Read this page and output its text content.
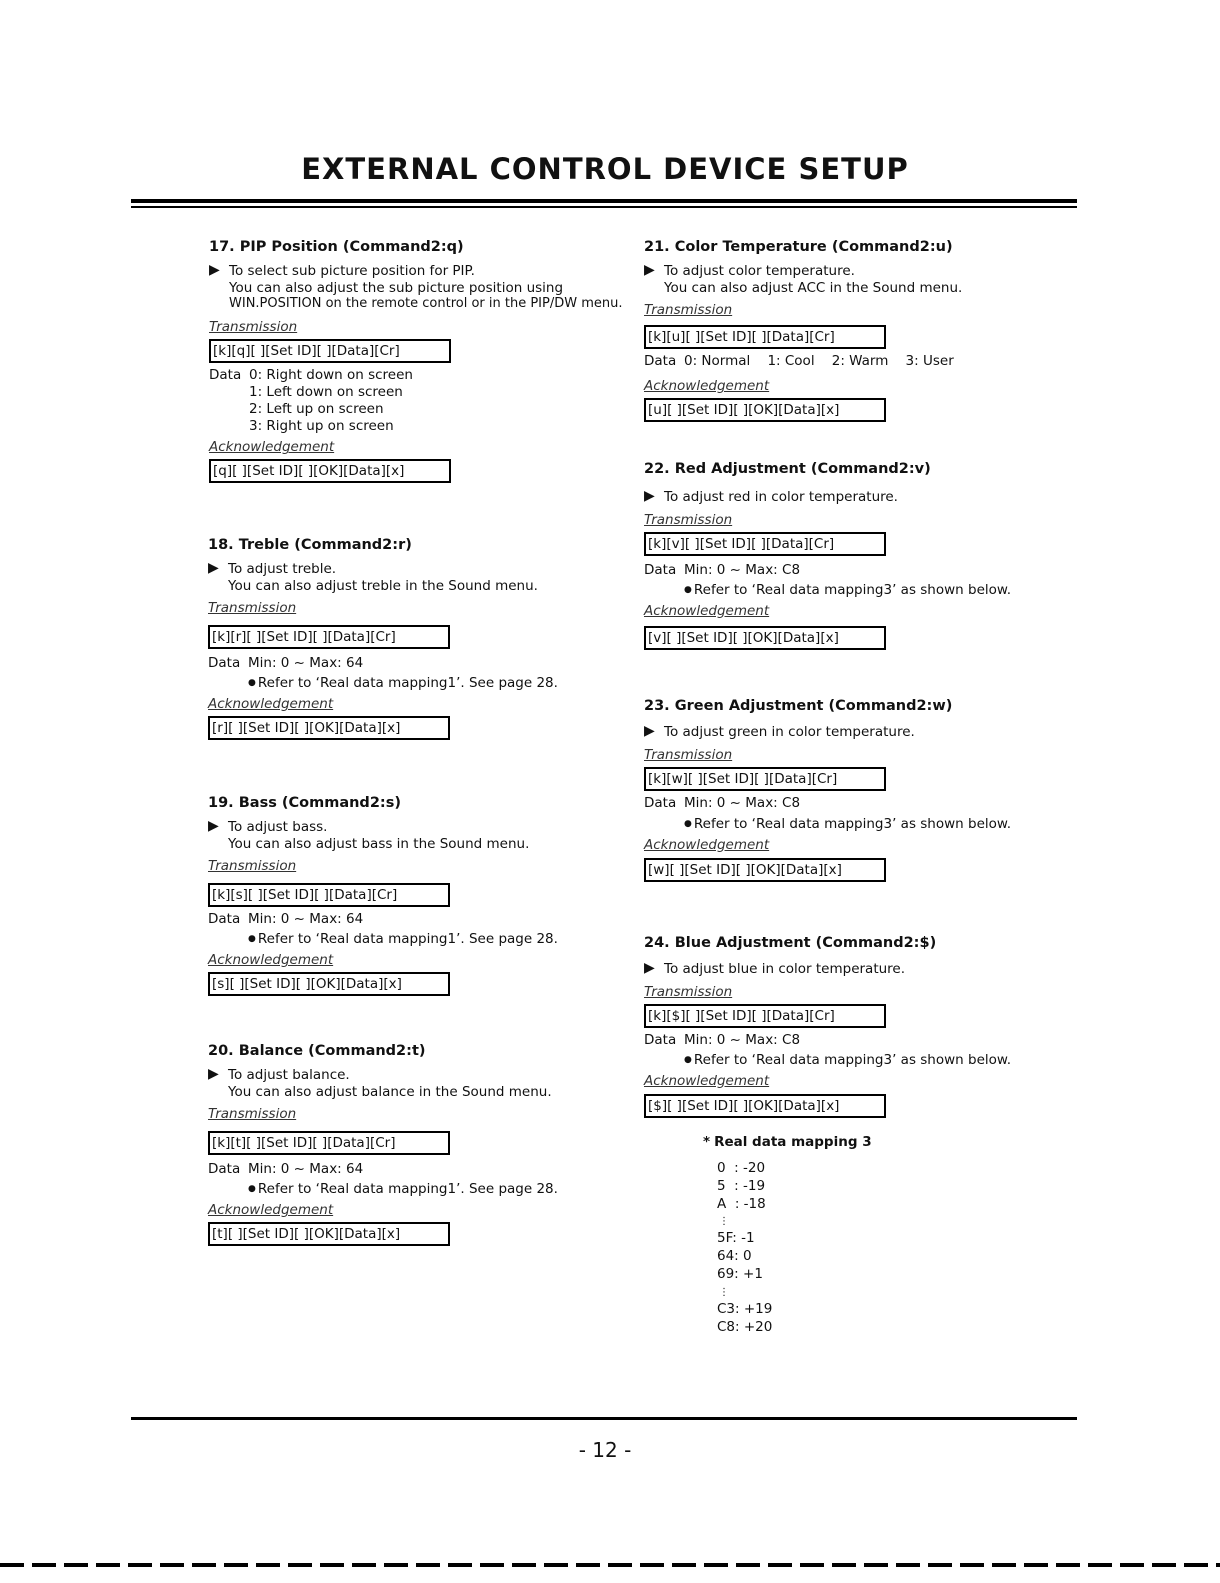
EXTERNAL CONTROL DEVICE SETUP
17. PIP Position (Command2:q)
▶ To select sub picture position for PIP.
You can also adjust the sub picture position using
WIN.POSITION on the remote control or in the PIP/DW menu.
Transmission
[k][q][ ][Set ID][ ][Data][Cr]
Data 0: Right down on screen
1: Left down on screen
2: Left up on screen
3: Right up on screen
Acknowledgement
[q][ ][Set ID][ ][OK][Data][x]
18. Treble (Command2:r)
▶ To adjust treble.
You can also adjust treble in the Sound menu.
Transmission
[k][r][ ][Set ID][ ][Data][Cr]
Data Min: 0 ~ Max: 64
● Refer to ‘Real data mapping1’. See page 28.
Acknowledgement
[r][ ][Set ID][ ][OK][Data][x]
19. Bass (Command2:s)
▶ To adjust bass.
You can also adjust bass in the Sound menu.
Transmission
[k][s][ ][Set ID][ ][Data][Cr]
Data Min: 0 ~ Max: 64
● Refer to ‘Real data mapping1’. See page 28.
Acknowledgement
[s][ ][Set ID][ ][OK][Data][x]
20. Balance (Command2:t)
▶ To adjust balance.
You can also adjust balance in the Sound menu.
Transmission
[k][t][ ][Set ID][ ][Data][Cr]
Data Min: 0 ~ Max: 64
● Refer to ‘Real data mapping1’. See page 28.
Acknowledgement
[t][ ][Set ID][ ][OK][Data][x]
21. Color Temperature (Command2:u)
▶ To adjust color temperature.
You can also adjust ACC in the Sound menu.
Transmission
[k][u][ ][Set ID][ ][Data][Cr]
Data 0: Normal    1: Cool    2: Warm    3: User
Acknowledgement
[u][ ][Set ID][ ][OK][Data][x]
22. Red Adjustment (Command2:v)
▶ To adjust red in color temperature.
Transmission
[k][v][ ][Set ID][ ][Data][Cr]
Data Min: 0 ~ Max: C8
● Refer to ‘Real data mapping3’ as shown below.
Acknowledgement
[v][ ][Set ID][ ][OK][Data][x]
23. Green Adjustment (Command2:w)
▶ To adjust green in color temperature.
Transmission
[k][w][ ][Set ID][ ][Data][Cr]
Data Min: 0 ~ Max: C8
● Refer to ‘Real data mapping3’ as shown below.
Acknowledgement
[w][ ][Set ID][ ][OK][Data][x]
24. Blue Adjustment (Command2:$)
▶ To adjust blue in color temperature.
Transmission
[k][$][ ][Set ID][ ][Data][Cr]
Data Min: 0 ~ Max: C8
● Refer to ‘Real data mapping3’ as shown below.
Acknowledgement
[$][ ][Set ID][ ][OK][Data][x]
* Real data mapping 3
0  : -20
5  : -19
A  : -18
⋮
5F: -1
64: 0
69: +1
⋮
C3: +19
C8: +20
- 12 -
